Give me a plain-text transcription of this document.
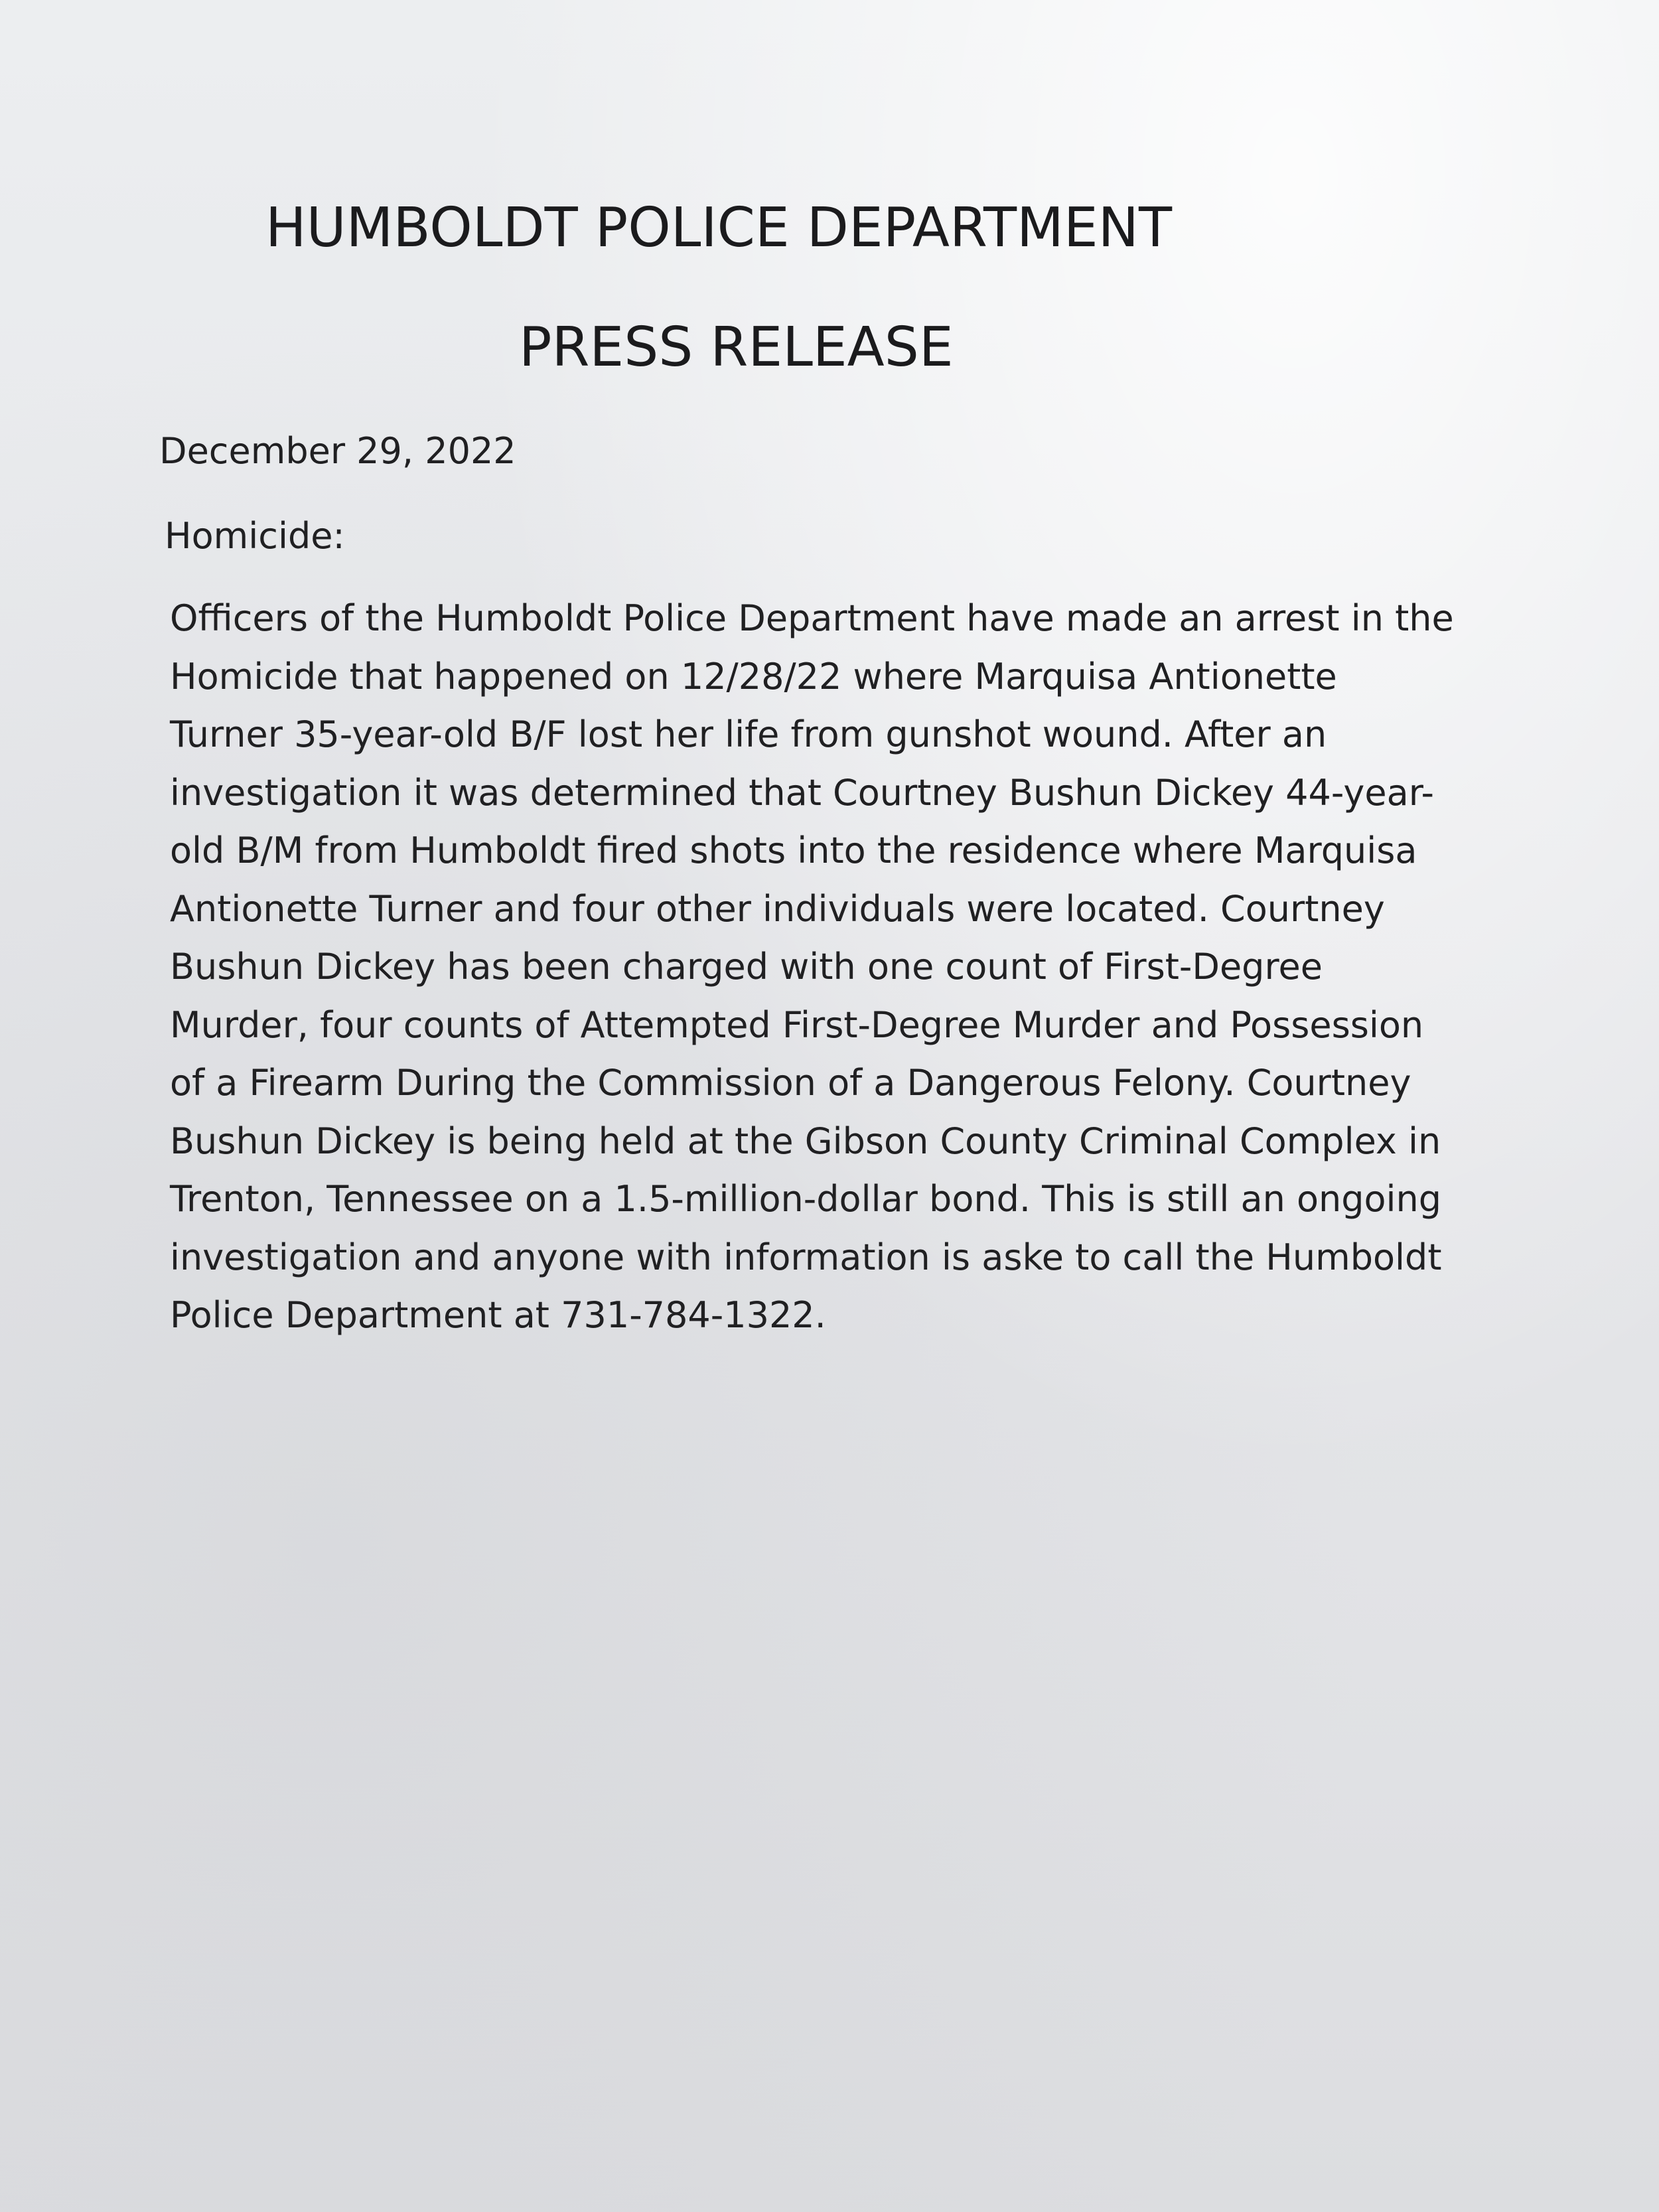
HUMBOLDT POLICE DEPARTMENT
PRESS RELEASE
December 29, 2022
Homicide:
Officers of the Humboldt Police Department have made an arrest in the
Homicide that happened on 12/28/22 where Marquisa Antionette
Turner 35-year-old B/F lost her life from gunshot wound. After an
investigation it was determined that Courtney Bushun Dickey 44-year-
old B/M from Humboldt fired shots into the residence where Marquisa
Antionette Turner and four other individuals were located. Courtney
Bushun Dickey has been charged with one count of First-Degree
Murder, four counts of Attempted First-Degree Murder and Possession
of a Firearm During the Commission of a Dangerous Felony. Courtney
Bushun Dickey is being held at the Gibson County Criminal Complex in
Trenton, Tennessee on a 1.5-million-dollar bond. This is still an ongoing
investigation and anyone with information is aske to call the Humboldt
Police Department at 731-784-1322.
